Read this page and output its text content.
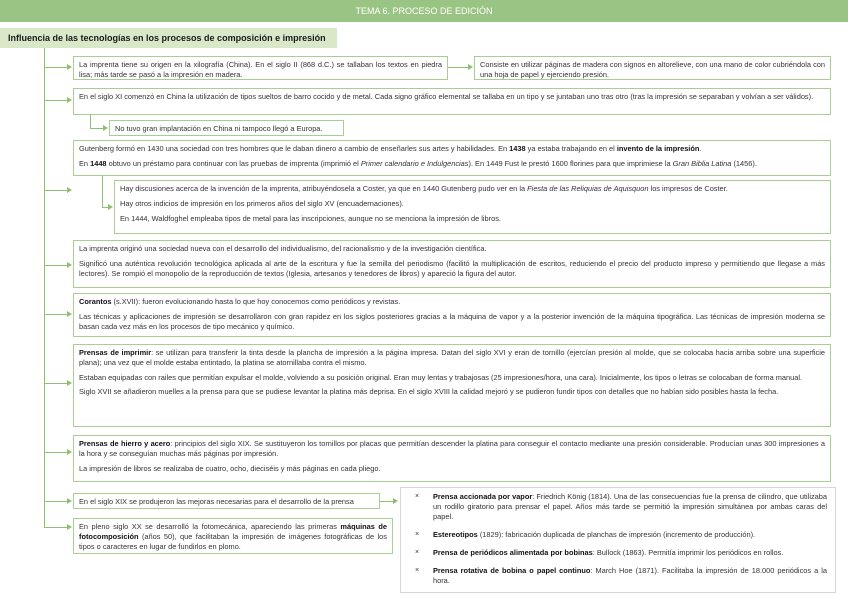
TEMA 6. PROCESO DE EDICIÓN
Influencia de las tecnologías en los procesos de composición e impresión

La imprenta tiene su origen en la xilografía (China). En el siglo II (868 d.C.) se tallaban los textos en piedra lisa; más tarde se pasó a la impresión en madera.

Consiste en utilizar páginas de madera con signos en altorelieve, con una mano de color cubriéndola con una hoja de papel y ejerciendo presión.

En el siglo XI comenzó en China la utilización de tipos sueltos de barro cocido y de metal. Cada signo gráfico elemental se tallaba en un tipo y se juntaban uno tras otro (tras la impresión se separaban y volvían a ser válidos).

No tuvo gran implantación en China ni tampoco llegó a Europa.

Gutenberg formó en 1430 una sociedad con tres hombres que le daban dinero a cambio de enseñarles sus artes y habilidades. En 1438 ya estaba trabajando en el invento de la impresión.

En 1448 obtuvo un préstamo para continuar con las pruebas de imprenta (imprimió el Primer calendario e Indulgencias). En 1449 Fust le prestó 1600 florines para que imprimiese la Gran Biblia Latina (1456).

Hay discusiones acerca de la invención de la imprenta, atribuyéndosela a Coster, ya que en 1440 Gutenberg pudo ver en la Fiesta de las Reliquias de Aquisquon los impresos de Coster.

Hay otros indicios de impresión en los primeros años del siglo XV (encuadernaciones).

En 1444, Waldfoghel empleaba tipos de metal para las inscripciones, aunque no se menciona la impresión de libros.

La imprenta originó una sociedad nueva con el desarrollo del individualismo, del racionalismo y de la investigación científica.

Significó una auténtica revolución tecnológica aplicada al arte de la escritura y fue la semilla del periodismo (facilitó la multiplicación de escritos, reduciendo el precio del producto impreso y permitiendo que llegase a más lectores). Se rompió el monopolio de la reproducción de textos (Iglesia, artesanos y tenedores de libros) y apareció la figura del autor.

Corantos (s.XVII): fueron evolucionando hasta lo que hoy conocemos como periódicos y revistas.

Las técnicas y aplicaciones de impresión se desarrollaron con gran rapidez en los siglos posteriores gracias a la máquina de vapor y a la posterior invención de la máquina tipográfica. Las técnicas de impresión moderna se basan cada vez más en los procesos de tipo mecánico y químico.

Prensas de imprimir: se utilizan para transferir la tinta desde la plancha de impresión a la página impresa. Datan del siglo XVI y eran de tornillo (ejercían presión al molde, que se colocaba hacia arriba sobre una superficie plana); una vez que el molde estaba entintado, la platina se atornillaba contra el mismo.

Estaban equipadas con railes que permitían expulsar el molde, volviendo a su posición original. Eran muy lentas y trabajosas (25 impresiones/hora, una cara). Inicialmente, los tipos o letras se colocaban de forma manual.

Siglo XVII se añadieron muelles a la prensa para que se pudiese levantar la platina más deprisa. En el siglo XVIII la calidad mejoró y se pudieron fundir tipos con detalles que no habían sido posibles hasta la fecha.

Prensas de hierro y acero: principios del siglo XIX. Se sustituyeron los tornillos por placas que permitían descender la platina para conseguir el contacto mediante una presión considerable. Producían unas 300 impresiones a la hora y se conseguían muchas más páginas por impresión.

La impresión de libros se realizaba de cuatro, ocho, dieciséis y más páginas en cada pliego.

En el siglo XIX se produjeron las mejoras necesarias para el desarrollo de la prensa

En pleno siglo XX se desarrolló la fotomecánica, apareciendo las primeras máquinas de fotocomposición (años 50), que facilitaban la impresión de imágenes fotográficas de los tipos o caracteres en lugar de fundirlos en plomo.

× Prensa accionada por vapor: Friedrich König (1814). Una de las consecuencias fue la prensa de cilindro, que utilizaba un rodillo giratorio para prensar el papel. Años más tarde se permitió la impresión simultánea por ambas caras del papel.
× Estereotipos (1829): fabricación duplicada de planchas de impresión (incremento de producción).
× Prensa de periódicos alimentada por bobinas: Bullock (1863). Permitía imprimir los periódicos en rollos.
× Prensa rotativa de bobina o papel continuo: March Hoe (1871). Facilitaba la impresión de 18.000 periódicos a la hora.
